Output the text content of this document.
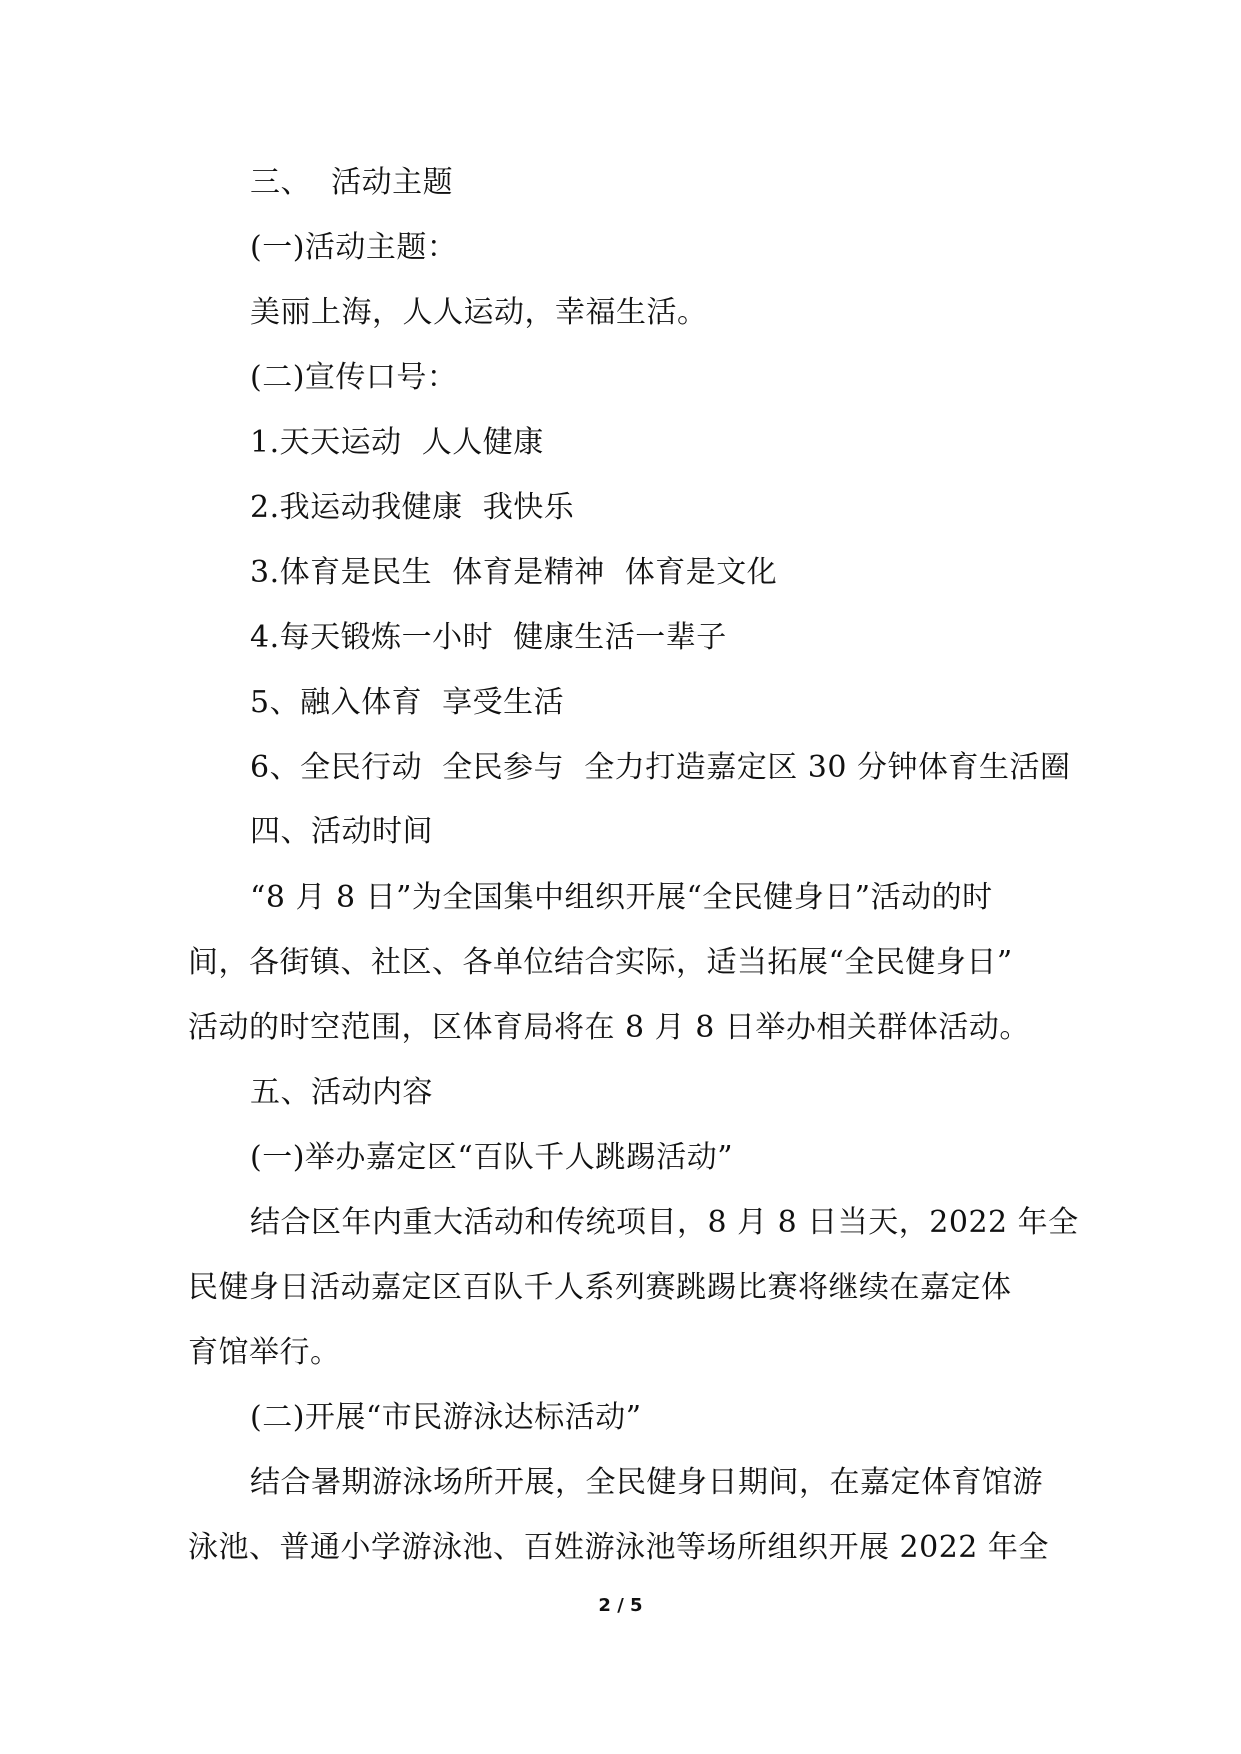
三、  活动主题
(一)活动主题：
美丽上海，人人运动，幸福生活。
(二)宣传口号：
1.天天运动  人人健康
2.我运动我健康  我快乐
3.体育是民生  体育是精神  体育是文化
4.每天锻炼一小时  健康生活一辈子
5、融入体育  享受生活
6、全民行动  全民参与  全力打造嘉定区 30 分钟体育生活圈
四、活动时间
“8 月 8 日”为全国集中组织开展“全民健身日”活动的时
间，各街镇、社区、各单位结合实际，适当拓展“全民健身日”
活动的时空范围，区体育局将在 8 月 8 日举办相关群体活动。
五、活动内容
(一)举办嘉定区“百队千人跳踢活动”
结合区年内重大活动和传统项目，8 月 8 日当天，2022 年全
民健身日活动嘉定区百队千人系列赛跳踢比赛将继续在嘉定体
育馆举行。
(二)开展“市民游泳达标活动”
结合暑期游泳场所开展，全民健身日期间，在嘉定体育馆游
泳池、普通小学游泳池、百姓游泳池等场所组织开展 2022 年全
2 / 5
